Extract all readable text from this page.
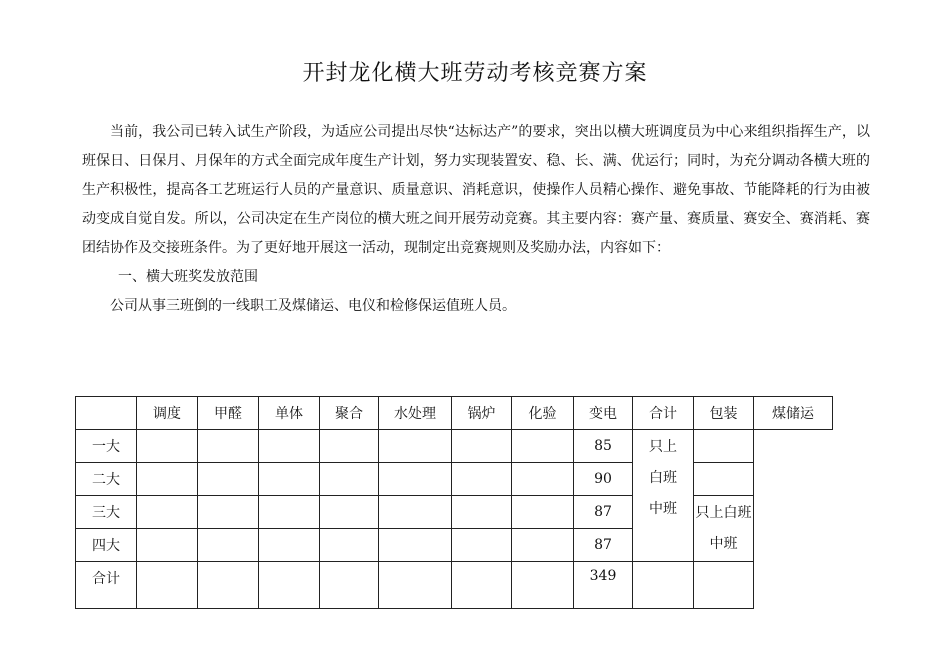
开封龙化横大班劳动考核竞赛方案

当前，我公司已转入试生产阶段，为适应公司提出尽快“达标达产”的要求，突出以横大班调度员为中心来组织指挥生产，以班保日、日保月、月保年的方式全面完成年度生产计划，努力实现装置安、稳、长、满、优运行；同时，为充分调动各横大班的生产积极性，提高各工艺班运行人员的产量意识、质量意识、消耗意识，使操作人员精心操作、避免事故、节能降耗的行为由被动变成自觉自发。所以，公司决定在生产岗位的横大班之间开展劳动竞赛。其主要内容：赛产量、赛质量、赛安全、赛消耗、赛团结协作及交接班条件。为了更好地开展这一活动，现制定出竞赛规则及奖励办法，内容如下：

一、横大班奖发放范围

公司从事三班倒的一线职工及煤储运、电仪和检修保运值班人员。

	调度	甲醛	单体	聚合	水处理	锅炉	化验	变电	合计	包装	煤储运
一大								85	只上白班中班		
二大								90			
三大								87		只上白班中班	
四大								87			
合计								349			
